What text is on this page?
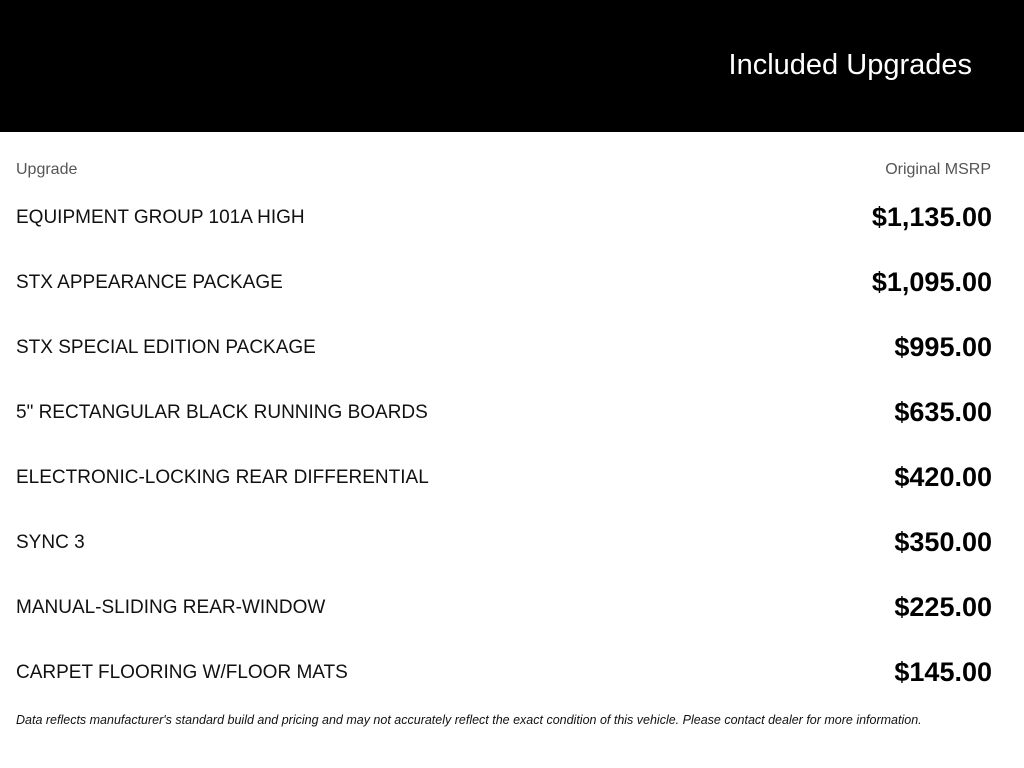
Included Upgrades
Upgrade	Original MSRP
EQUIPMENT GROUP 101A HIGH	$1,135.00
STX APPEARANCE PACKAGE	$1,095.00
STX SPECIAL EDITION PACKAGE	$995.00
5" RECTANGULAR BLACK RUNNING BOARDS	$635.00
ELECTRONIC-LOCKING REAR DIFFERENTIAL	$420.00
SYNC 3	$350.00
MANUAL-SLIDING REAR-WINDOW	$225.00
CARPET FLOORING W/FLOOR MATS	$145.00
Data reflects manufacturer's standard build and pricing and may not accurately reflect the exact condition of this vehicle. Please contact dealer for more information.
